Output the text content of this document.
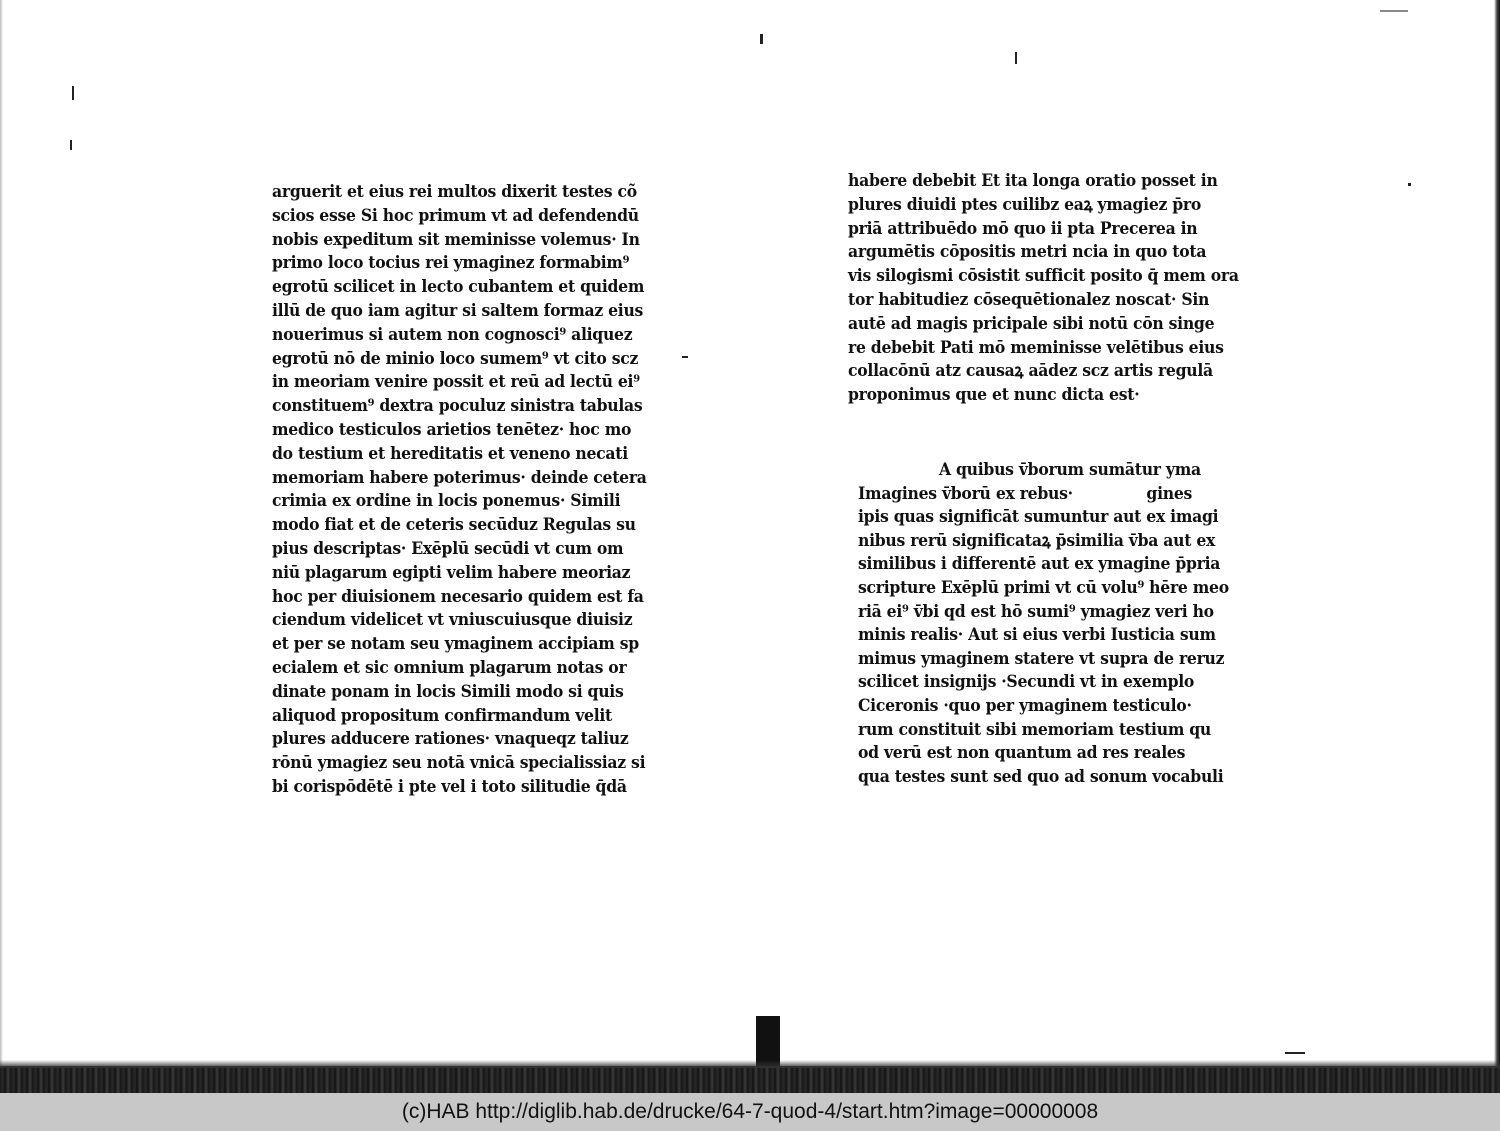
arguerit et eius rei multos dixerit testes cõ
scios esse Si hoc primum vt ad defendendū
nobis expeditum sit meminisse volemus· In
primo loco tocius rei ymaginez formabim⁹
egrotū scilicet in lecto cubantem et quidem
illū de quo iam agitur si saltem formaz eius
nouerimus si autem non cognosci⁹ aliquez
egrotū nō de minio loco sumem⁹ vt cito scz
in meoriam venire possit et reū ad lectū ei⁹
constituem⁹ dextra poculuz sinistra tabulas
medico testiculos arietios tenētez· hoc mo
do testium et hereditatis et veneno necati
memoriam habere poterimus· deinde cetera
crimia ex ordine in locis ponemus· Simili
modo fiat et de ceteris secūduz Regulas su
pius descriptas· Exēplū secūdi vt cum om
niū plagarum egipti velim habere meoriaz
hoc per diuisionem necesario quidem est fa
ciendum videlicet vt vniuscuiusque diuisiz
et per se notam seu ymaginem accipiam sp
ecialem et sic omnium plagarum notas or
dinate ponam in locis Simili modo si quis
aliquod propositum confirmandum velit
plures adducere rationes· vnaqueqz taliuz
rōnū ymagiez seu notā vnicā specialissiaz si
bi corispōdētē i pte vel i toto silitudie q̄dā
habere debebit Et ita longa oratio posset in
plures diuidi ptes cuilibz eaꝝ ymagiez p̄ro
priā attribuēdo mō quo ii pta Precerea in
argumētis cōpositis metri ncia in quo tota
vis silogismi cōsistit sufficit posito q̄ mem ora
tor habitudiez cōsequētionalez noscat· Sin
autē ad magis pricipale sibi notū cōn singe
re debebit Pati mō meminisse velētibus eius
collacōnū atz causaꝝ aādez scz artis regulā
proponimus que et nunc dicta est·
A quibus v̄borum sumātur yma
Imagines v̄borū ex rebus·	gines
ipis quas significāt sumuntur aut ex imagi
nibus rerū significataꝝ p̄similia v̄ba aut ex
similibus i differentē aut ex ymagine p̄pria
scripture Exēplū primi vt cū volu⁹ hēre meo
riā ei⁹ v̄bi qd est hō sumi⁹ ymagiez veri ho
minis realis· Aut si eius verbi Iusticia sum
mimus ymaginem statere vt supra de reruz
scilicet insignijs ·Secundi vt in exemplo
Ciceronis ·quo per ymaginem testiculo·
rum constituit sibi memoriam testium qu
od verū est non quantum ad res reales
qua testes sunt sed quo ad sonum vocabuli
(c)HAB http://diglib.hab.de/drucke/64-7-quod-4/start.htm?image=00000008
